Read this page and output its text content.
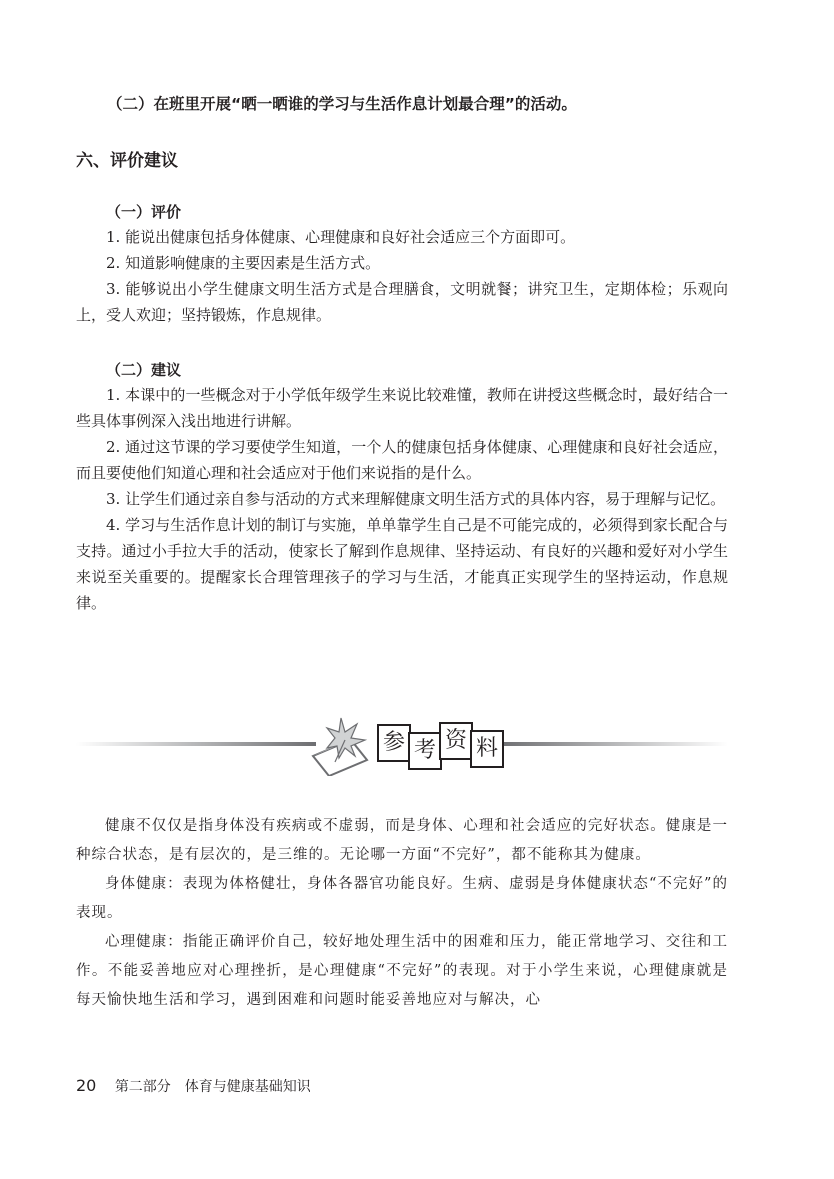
（二）在班里开展“晒一晒谁的学习与生活作息计划最合理”的活动。

六、评价建议

（一）评价

1. 能说出健康包括身体健康、心理健康和良好社会适应三个方面即可。

2. 知道影响健康的主要因素是生活方式。

3. 能够说出小学生健康文明生活方式是合理膳食，文明就餐；讲究卫生，定期体检；乐观向上，受人欢迎；坚持锻炼，作息规律。

（二）建议

1. 本课中的一些概念对于小学低年级学生来说比较难懂，教师在讲授这些概念时，最好结合一些具体事例深入浅出地进行讲解。

2. 通过这节课的学习要使学生知道，一个人的健康包括身体健康、心理健康和良好社会适应，而且要使他们知道心理和社会适应对于他们来说指的是什么。

3. 让学生们通过亲自参与活动的方式来理解健康文明生活方式的具体内容，易于理解与记忆。

4. 学习与生活作息计划的制订与实施，单单靠学生自己是不可能完成的，必须得到家长配合与支持。通过小手拉大手的活动，使家长了解到作息规律、坚持运动、有良好的兴趣和爱好对小学生来说至关重要的。提醒家长合理管理孩子的学习与生活，才能真正实现学生的坚持运动，作息规律。

参 考 资 料

健康不仅仅是指身体没有疾病或不虚弱，而是身体、心理和社会适应的完好状态。健康是一种综合状态，是有层次的，是三维的。无论哪一方面“不完好”，都不能称其为健康。

身体健康：表现为体格健壮，身体各器官功能良好。生病、虚弱是身体健康状态“不完好”的表现。

心理健康：指能正确评价自己，较好地处理生活中的困难和压力，能正常地学习、交往和工作。不能妥善地应对心理挫折，是心理健康“不完好”的表现。对于小学生来说，心理健康就是每天愉快地生活和学习，遇到困难和问题时能妥善地应对与解决，心

20 第二部分　体育与健康基础知识
